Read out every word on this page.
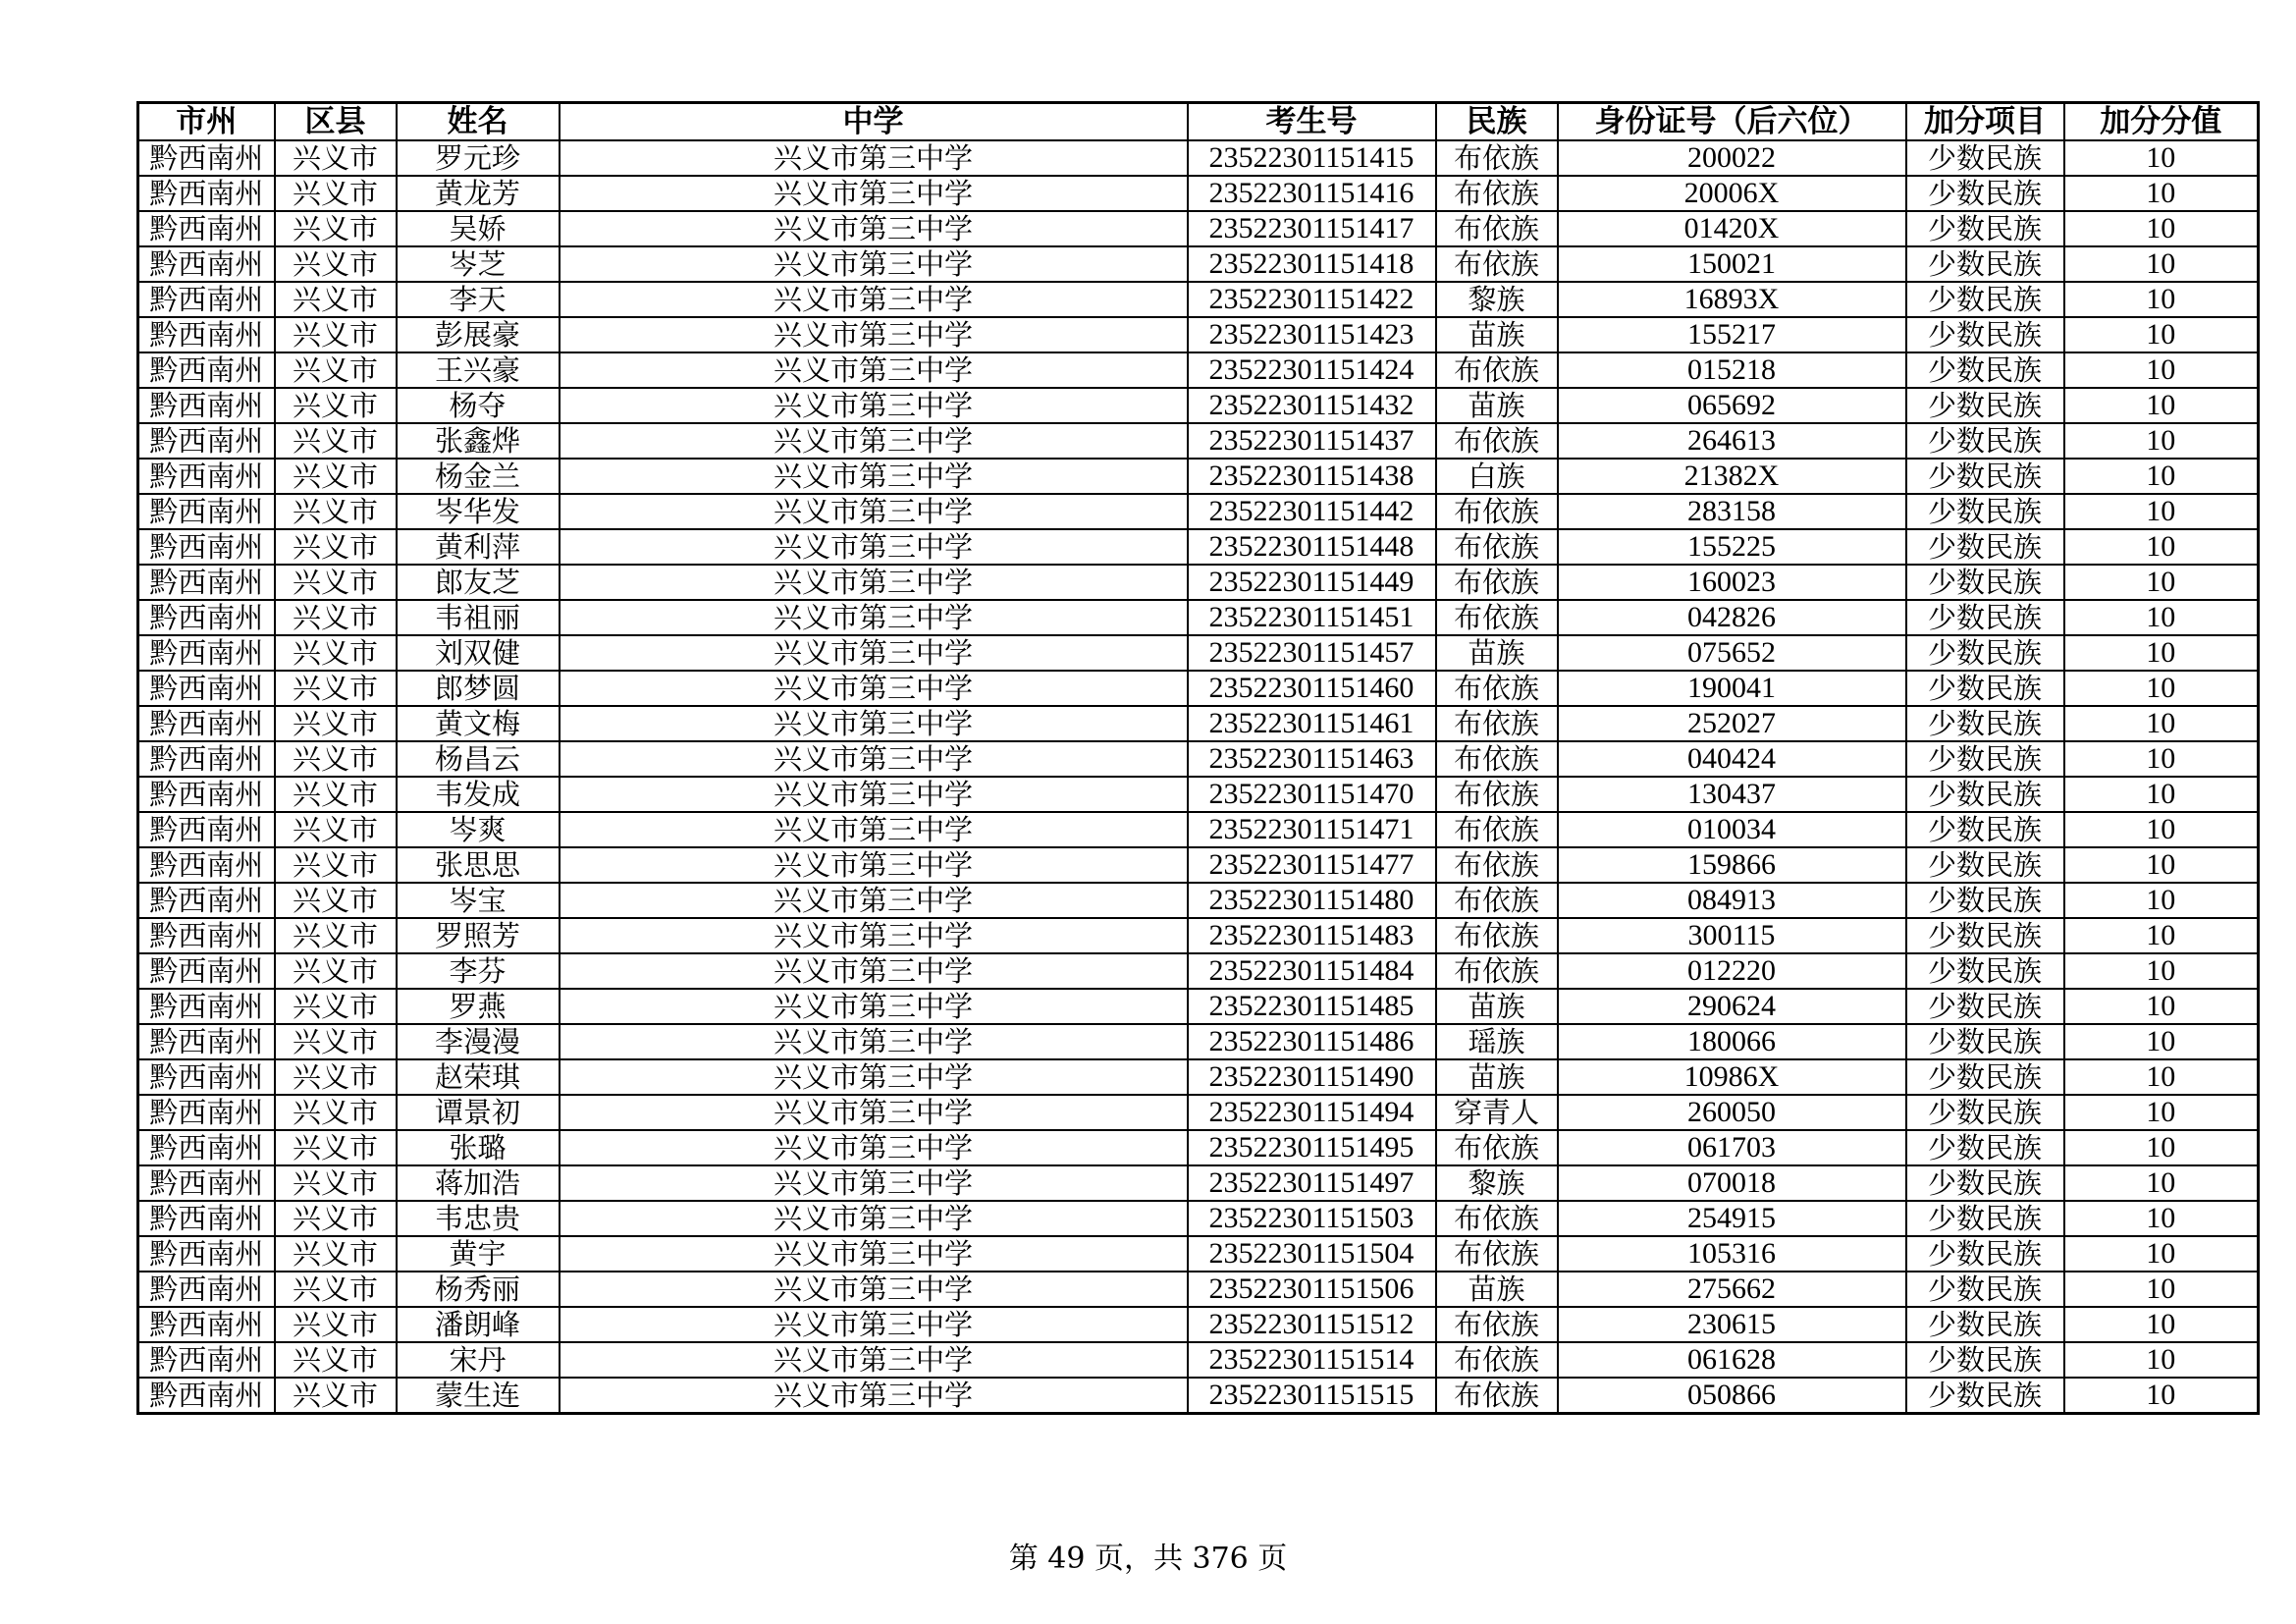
市州	区县	姓名	中学	考生号	民族	身份证号（后六位）	加分项目	加分分值
黔西南州	兴义市	罗元珍	兴义市第三中学	23522301151415	布依族	200022	少数民族	10
黔西南州	兴义市	黄龙芳	兴义市第三中学	23522301151416	布依族	20006X	少数民族	10
黔西南州	兴义市	吴娇	兴义市第三中学	23522301151417	布依族	01420X	少数民族	10
黔西南州	兴义市	岑芝	兴义市第三中学	23522301151418	布依族	150021	少数民族	10
黔西南州	兴义市	李天	兴义市第三中学	23522301151422	黎族	16893X	少数民族	10
黔西南州	兴义市	彭展豪	兴义市第三中学	23522301151423	苗族	155217	少数民族	10
黔西南州	兴义市	王兴豪	兴义市第三中学	23522301151424	布依族	015218	少数民族	10
黔西南州	兴义市	杨夺	兴义市第三中学	23522301151432	苗族	065692	少数民族	10
黔西南州	兴义市	张鑫烨	兴义市第三中学	23522301151437	布依族	264613	少数民族	10
黔西南州	兴义市	杨金兰	兴义市第三中学	23522301151438	白族	21382X	少数民族	10
黔西南州	兴义市	岑华发	兴义市第三中学	23522301151442	布依族	283158	少数民族	10
黔西南州	兴义市	黄利萍	兴义市第三中学	23522301151448	布依族	155225	少数民族	10
黔西南州	兴义市	郎友芝	兴义市第三中学	23522301151449	布依族	160023	少数民族	10
黔西南州	兴义市	韦祖丽	兴义市第三中学	23522301151451	布依族	042826	少数民族	10
黔西南州	兴义市	刘双健	兴义市第三中学	23522301151457	苗族	075652	少数民族	10
黔西南州	兴义市	郎梦圆	兴义市第三中学	23522301151460	布依族	190041	少数民族	10
黔西南州	兴义市	黄文梅	兴义市第三中学	23522301151461	布依族	252027	少数民族	10
黔西南州	兴义市	杨昌云	兴义市第三中学	23522301151463	布依族	040424	少数民族	10
黔西南州	兴义市	韦发成	兴义市第三中学	23522301151470	布依族	130437	少数民族	10
黔西南州	兴义市	岑爽	兴义市第三中学	23522301151471	布依族	010034	少数民族	10
黔西南州	兴义市	张思思	兴义市第三中学	23522301151477	布依族	159866	少数民族	10
黔西南州	兴义市	岑宝	兴义市第三中学	23522301151480	布依族	084913	少数民族	10
黔西南州	兴义市	罗照芳	兴义市第三中学	23522301151483	布依族	300115	少数民族	10
黔西南州	兴义市	李芬	兴义市第三中学	23522301151484	布依族	012220	少数民族	10
黔西南州	兴义市	罗燕	兴义市第三中学	23522301151485	苗族	290624	少数民族	10
黔西南州	兴义市	李漫漫	兴义市第三中学	23522301151486	瑶族	180066	少数民族	10
黔西南州	兴义市	赵荣琪	兴义市第三中学	23522301151490	苗族	10986X	少数民族	10
黔西南州	兴义市	谭景初	兴义市第三中学	23522301151494	穿青人	260050	少数民族	10
黔西南州	兴义市	张璐	兴义市第三中学	23522301151495	布依族	061703	少数民族	10
黔西南州	兴义市	蒋加浩	兴义市第三中学	23522301151497	黎族	070018	少数民族	10
黔西南州	兴义市	韦忠贵	兴义市第三中学	23522301151503	布依族	254915	少数民族	10
黔西南州	兴义市	黄宇	兴义市第三中学	23522301151504	布依族	105316	少数民族	10
黔西南州	兴义市	杨秀丽	兴义市第三中学	23522301151506	苗族	275662	少数民族	10
黔西南州	兴义市	潘朗峰	兴义市第三中学	23522301151512	布依族	230615	少数民族	10
黔西南州	兴义市	宋丹	兴义市第三中学	23522301151514	布依族	061628	少数民族	10
黔西南州	兴义市	蒙生连	兴义市第三中学	23522301151515	布依族	050866	少数民族	10
第 49 页，共 376 页
